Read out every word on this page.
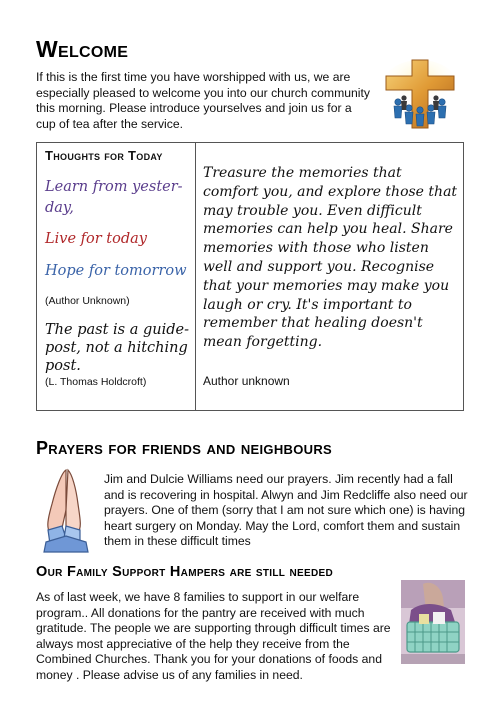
Welcome

If this is the first time you have worshipped with us, we are especially pleased to welcome you into our church community this morning. Please introduce yourselves and join us for a cup of tea after the service.

Thoughts for Today

Learn from yester-day,

Live for today

Hope for tomorrow

(Author Unknown)

The past is a guide-post, not a hitching post.

(L. Thomas Holdcroft)

Treasure the memories that comfort you, and explore those that may trouble you. Even difficult memories can help you heal. Share memories with those who listen well and support you. Recognise that your memories may make you laugh or cry. It's important to remember that healing doesn't mean forgetting.

Author unknown

Prayers for friends and neighbours

Jim and Dulcie Williams need our prayers. Jim recently had a fall and is recovering in hospital. Alwyn and Jim Redcliffe also need our prayers. One of them (sorry that I am not sure which one) is having heart surgery on Monday. May the Lord, comfort them and sustain them in these difficult times

Our Family Support Hampers are still needed

As of last week, we have 8 families to support in our welfare program.. All donations for the pantry are received with much gratitude. The people we are supporting through difficult times are always most appreciative of the help they receive from the Combined Churches. Thank you for your donations of foods and money . Please advise us of any families in need.
